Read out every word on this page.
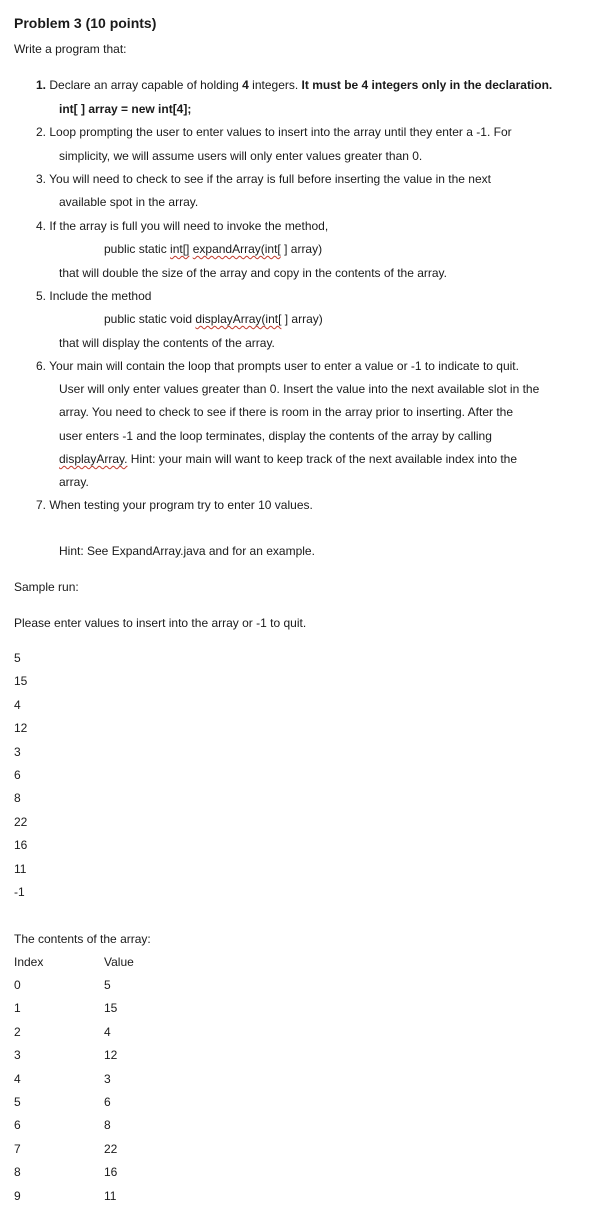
Problem 3 (10 points)
Write a program that:
1. Declare an array capable of holding 4 integers. It must be 4 integers only in the declaration.
int[ ] array = new int[4];
2. Loop prompting the user to enter values to insert into the array until they enter a -1. For
simplicity, we will assume users will only enter values greater than 0.
3. You will need to check to see if the array is full before inserting the value in the next
available spot in the array.
4. If the array is full you will need to invoke the method,
public static int[] expandArray(int[ ] array)
that will double the size of the array and copy in the contents of the array.
5. Include the method
public static void displayArray(int[ ] array)
that will display the contents of the array.
6. Your main will contain the loop that prompts user to enter a value or -1 to indicate to quit.
User will only enter values greater than 0. Insert the value into the next available slot in the
array. You need to check to see if there is room in the array prior to inserting. After the
user enters -1 and the loop terminates, display the contents of the array by calling
displayArray. Hint: your main will want to keep track of the next available index into the
array.
7. When testing your program try to enter 10 values.
Hint: See ExpandArray.java and for an example.
Sample run:
Please enter values to insert into the array or -1 to quit.
5
15
4
12
3
6
8
22
16
11
-1
The contents of the array:
Index	Value
0	5
1	15
2	4
3	12
4	3
5	6
6	8
7	22
8	16
9	11
